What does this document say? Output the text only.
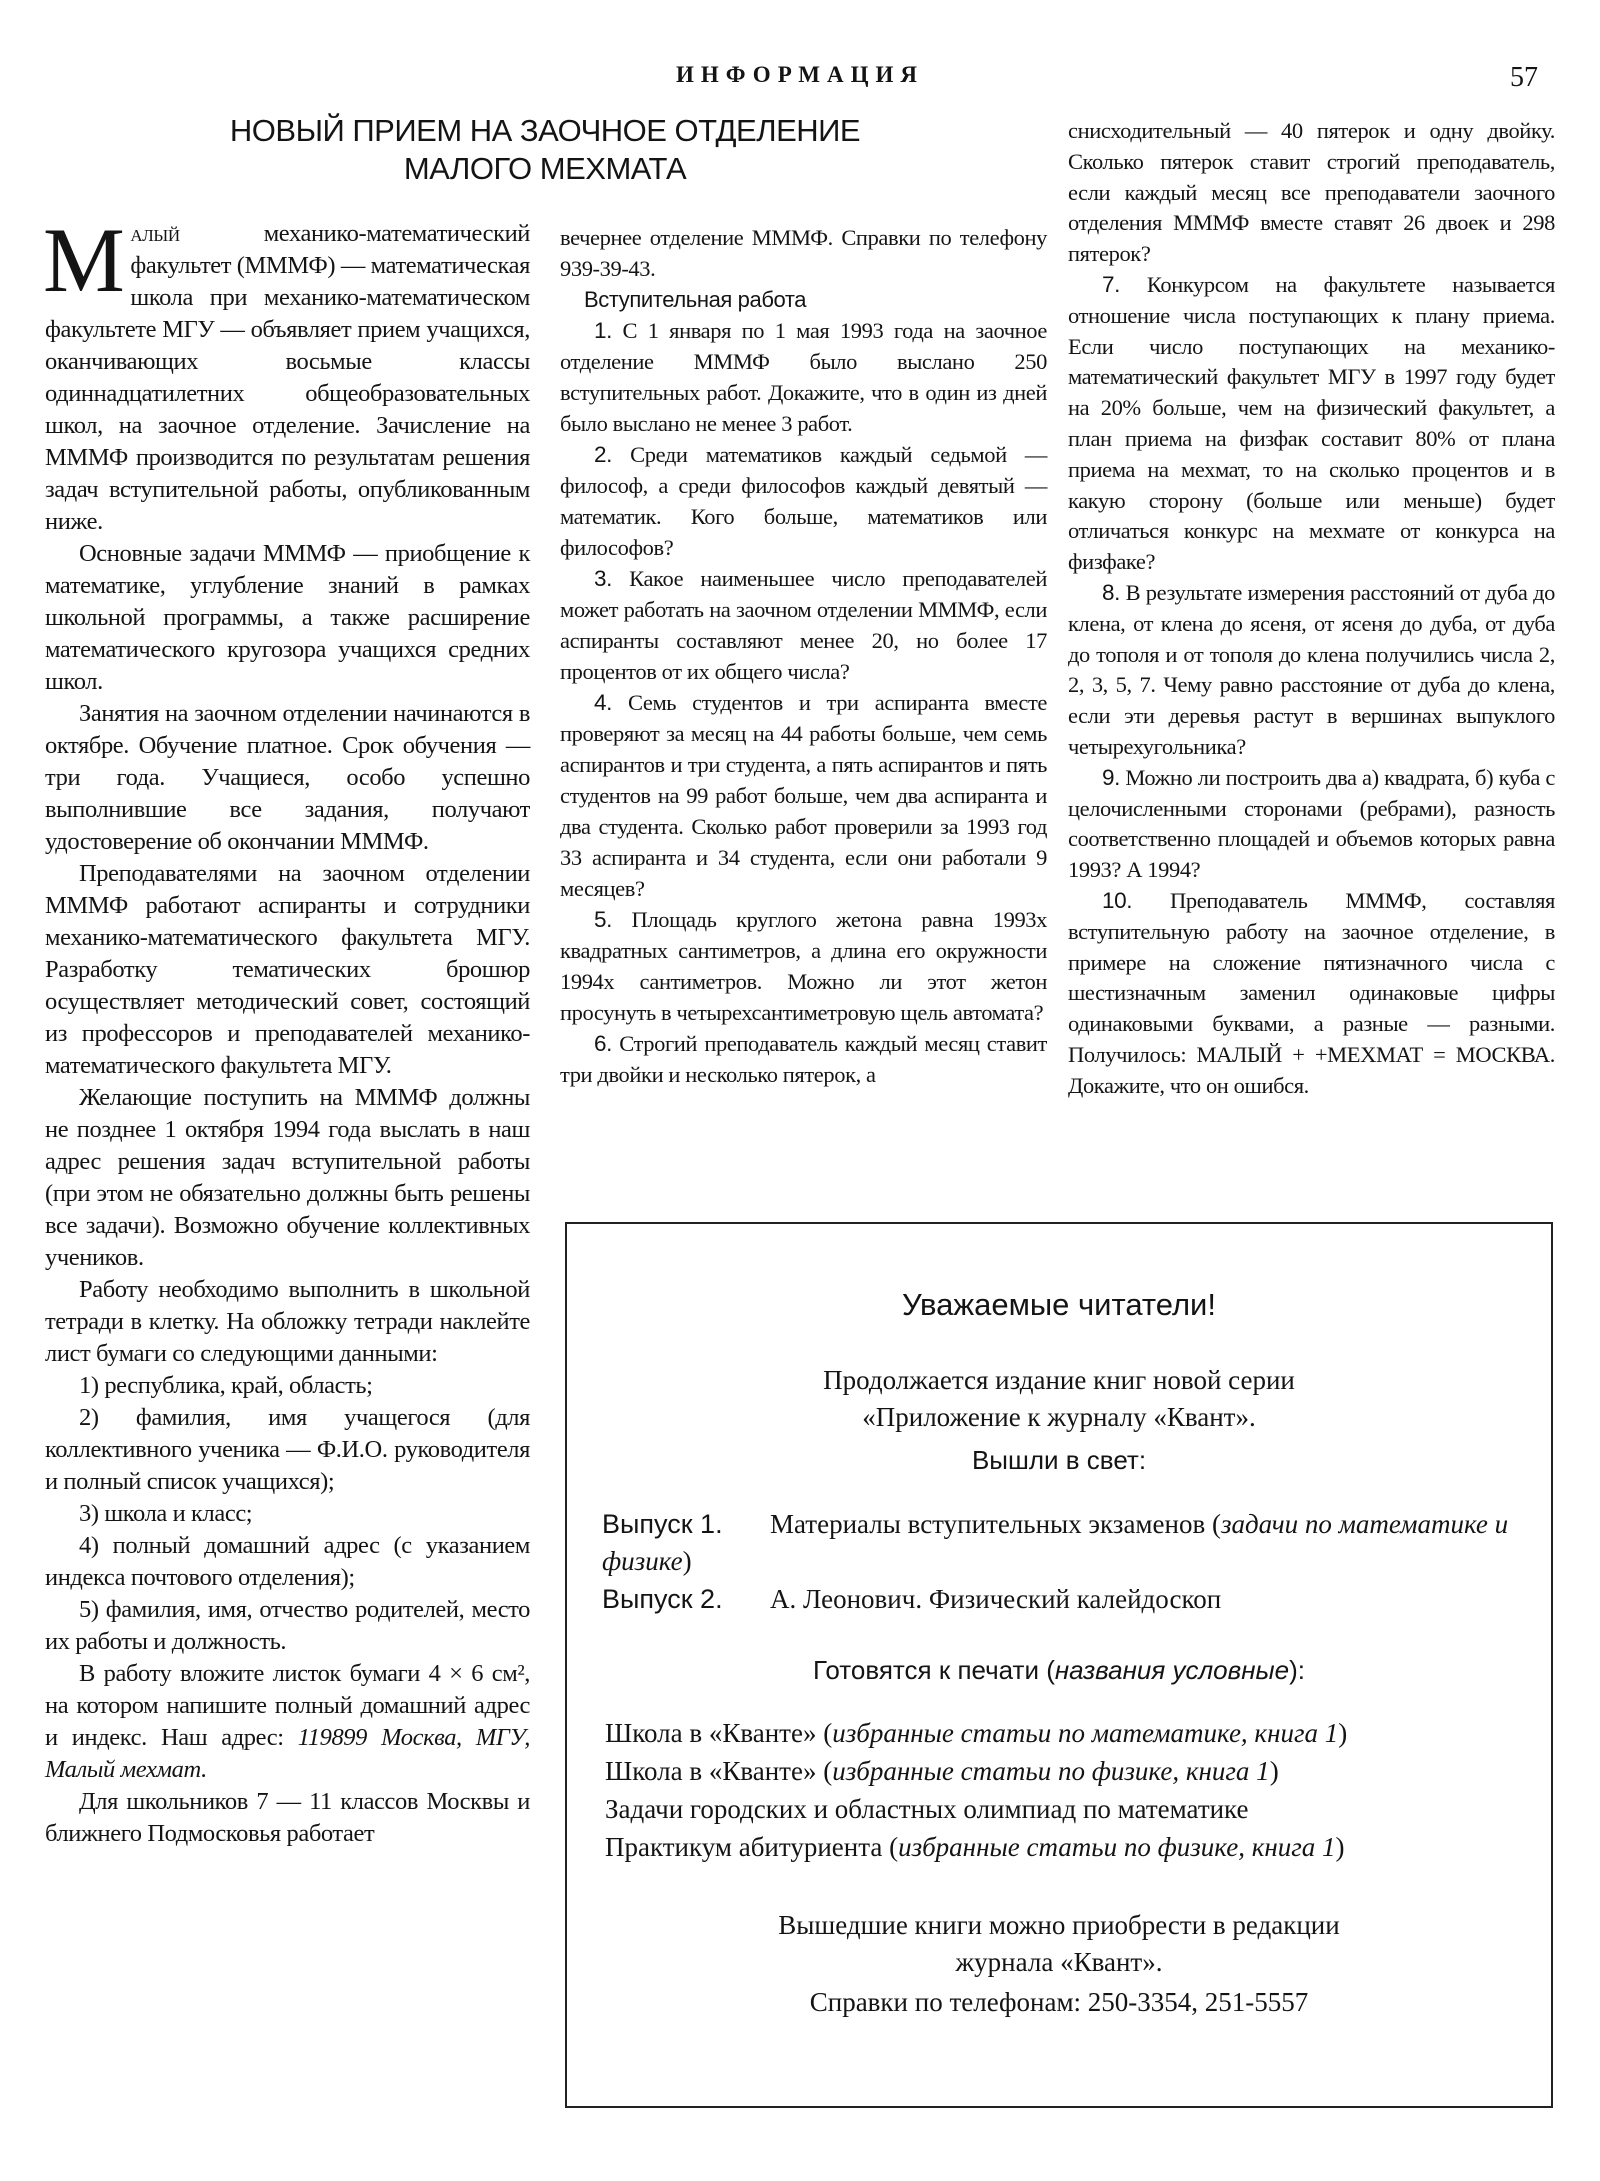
ИНФОРМАЦИЯ	57
НОВЫЙ ПРИЕМ НА ЗАОЧНОЕ ОТДЕЛЕНИЕ
МАЛОГО МЕХМАТА

Малый механико-математический факультет (МММФ) — математическая школа при механико-математическом факультете МГУ — объявляет прием учащихся, оканчивающих восьмые классы одиннадцатилетних общеобразовательных школ, на заочное отделение. Зачисление на МММФ производится по результатам решения задач вступительной работы, опубликованным ниже.

Основные задачи МММФ — приобщение к математике, углубление знаний в рамках школьной программы, а также расширение математического кругозора учащихся средних школ.

Занятия на заочном отделении начинаются в октябре. Обучение платное. Срок обучения — три года. Учащиеся, особо успешно выполнившие все задания, получают удостоверение об окончании МММФ.

Преподавателями на заочном отделении МММФ работают аспиранты и сотрудники механико-математического факультета МГУ. Разработку тематических брошюр осуществляет методический совет, состоящий из профессоров и преподавателей механико-математического факультета МГУ.

Желающие поступить на МММФ должны не позднее 1 октября 1994 года выслать в наш адрес решения задач вступительной работы (при этом не обязательно должны быть решены все задачи). Возможно обучение коллективных учеников.

Работу необходимо выполнить в школьной тетради в клетку. На обложку тетради наклейте лист бумаги со следующими данными:

1) республика, край, область;

2) фамилия, имя учащегося (для коллективного ученика — Ф.И.О. руководителя и полный список учащихся);

3) школа и класс;

4) полный домашний адрес (с указанием индекса почтового отделения);

5) фамилия, имя, отчество родителей, место их работы и должность.

В работу вложите листок бумаги 4 × 6 см², на котором напишите полный домашний адрес и индекс. Наш адрес: 119899 Москва, МГУ, Малый мехмат.

Для школьников 7 — 11 классов Москвы и ближнего Подмосковья работает

вечернее отделение МММФ. Справки по телефону 939-39-43.

Вступительная работа

1. С 1 января по 1 мая 1993 года на заочное отделение МММФ было выслано 250 вступительных работ. Докажите, что в один из дней было выслано не менее 3 работ.

2. Среди математиков каждый седьмой — философ, а среди философов каждый девятый — математик. Кого больше, математиков или философов?

3. Какое наименьшее число преподавателей может работать на заочном отделении МММФ, если аспиранты составляют менее 20, но более 17 процентов от их общего числа?

4. Семь студентов и три аспиранта вместе проверяют за месяц на 44 работы больше, чем семь аспирантов и три студента, а пять аспирантов и пять студентов на 99 работ больше, чем два аспиранта и два студента. Сколько работ проверили за 1993 год 33 аспиранта и 34 студента, если они работали 9 месяцев?

5. Площадь круглого жетона равна 1993x квадратных сантиметров, а длина его окружности 1994x сантиметров. Можно ли этот жетон просунуть в четырехсантиметровую щель автомата?

6. Строгий преподаватель каждый месяц ставит три двойки и несколько пятерок, а

снисходительный — 40 пятерок и одну двойку. Сколько пятерок ставит строгий преподаватель, если каждый месяц все преподаватели заочного отделения МММФ вместе ставят 26 двоек и 298 пятерок?

7. Конкурсом на факультете называется отношение числа поступающих к плану приема. Если число поступающих на механико-математический факультет МГУ в 1997 году будет на 20% больше, чем на физический факультет, а план приема на физфак составит 80% от плана приема на мехмат, то на сколько процентов и в какую сторону (больше или меньше) будет отличаться конкурс на мехмате от конкурса на физфаке?

8. В результате измерения расстояний от дуба до клена, от клена до ясеня, от ясеня до дуба, от дуба до тополя и от тополя до клена получились числа 2, 2, 3, 5, 7. Чему равно расстояние от дуба до клена, если эти деревья растут в вершинах выпуклого четырехугольника?

9. Можно ли построить два а) квадрата, б) куба с целочисленными сторонами (ребрами), разность соответственно площадей и объемов которых равна 1993? А 1994?

10. Преподаватель МММФ, составляя вступительную работу на заочное отделение, в примере на сложение пятизначного числа с шестизначным заменил одинаковые цифры одинаковыми буквами, а разные — разными. Получилось: МАЛЫЙ + +МЕХМАТ = МОСКВА. Докажите, что он ошибся.

Уважаемые читатели!
Продолжается издание книг новой серии
«Приложение к журналу «Квант».
Вышли в свет:
Выпуск 1. Материалы вступительных экзаменов (задачи по математике и физике)
Выпуск 2. А. Леонович. Физический калейдоскоп
Готовятся к печати (названия условные):
Школа в «Кванте» (избранные статьи по математике, книга 1)
Школа в «Кванте» (избранные статьи по физике, книга 1)
Задачи городских и областных олимпиад по математике
Практикум абитуриента (избранные статьи по физике, книга 1)
Вышедшие книги можно приобрести в редакции
журнала «Квант».
Справки по телефонам: 250-3354, 251-5557
